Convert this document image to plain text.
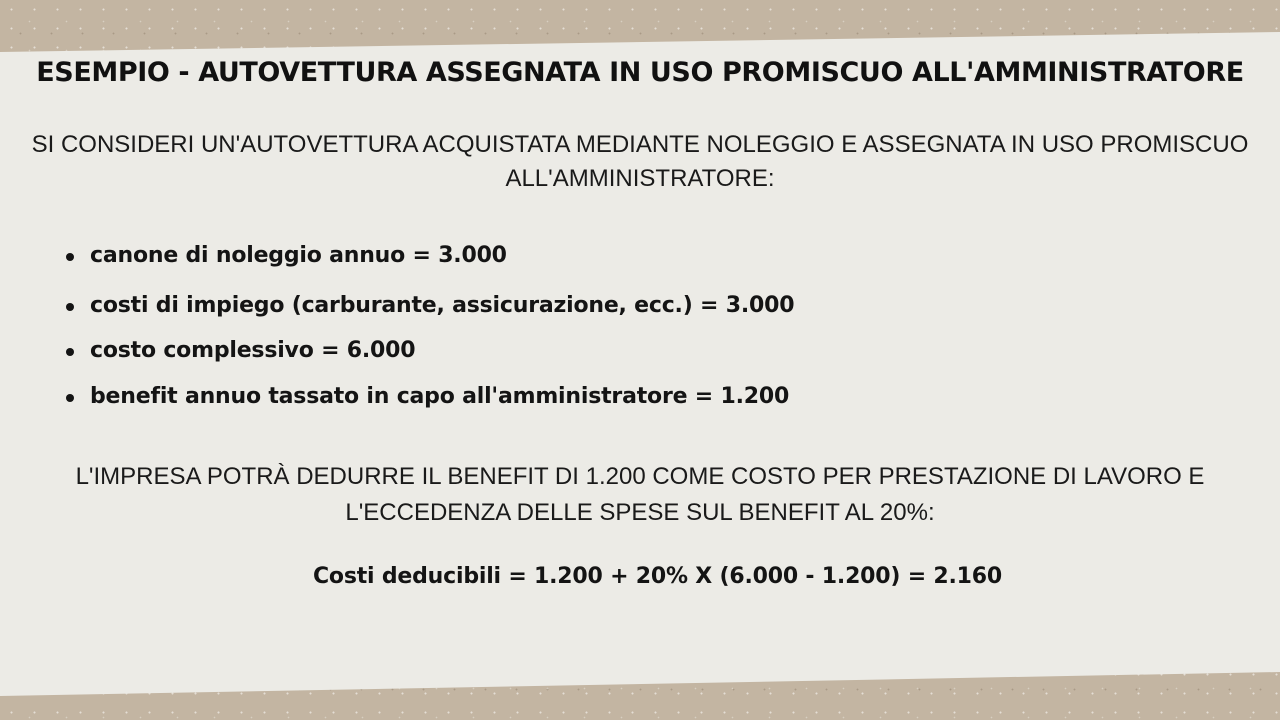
ESEMPIO - AUTOVETTURA ASSEGNATA IN USO PROMISCUO ALL'AMMINISTRATORE
SI CONSIDERI UN'AUTOVETTURA ACQUISTATA MEDIANTE NOLEGGIO E ASSEGNATA IN USO PROMISCUO
ALL'AMMINISTRATORE:
canone di noleggio annuo = 3.000
costi di impiego (carburante, assicurazione, ecc.) = 3.000
costo complessivo = 6.000
benefit annuo tassato in capo all'amministratore = 1.200
L'IMPRESA POTRÀ DEDURRE IL BENEFIT DI 1.200 COME COSTO PER PRESTAZIONE DI LAVORO E
L'ECCEDENZA DELLE SPESE SUL BENEFIT AL 20%:
Costi deducibili = 1.200 + 20% X (6.000 - 1.200) = 2.160
